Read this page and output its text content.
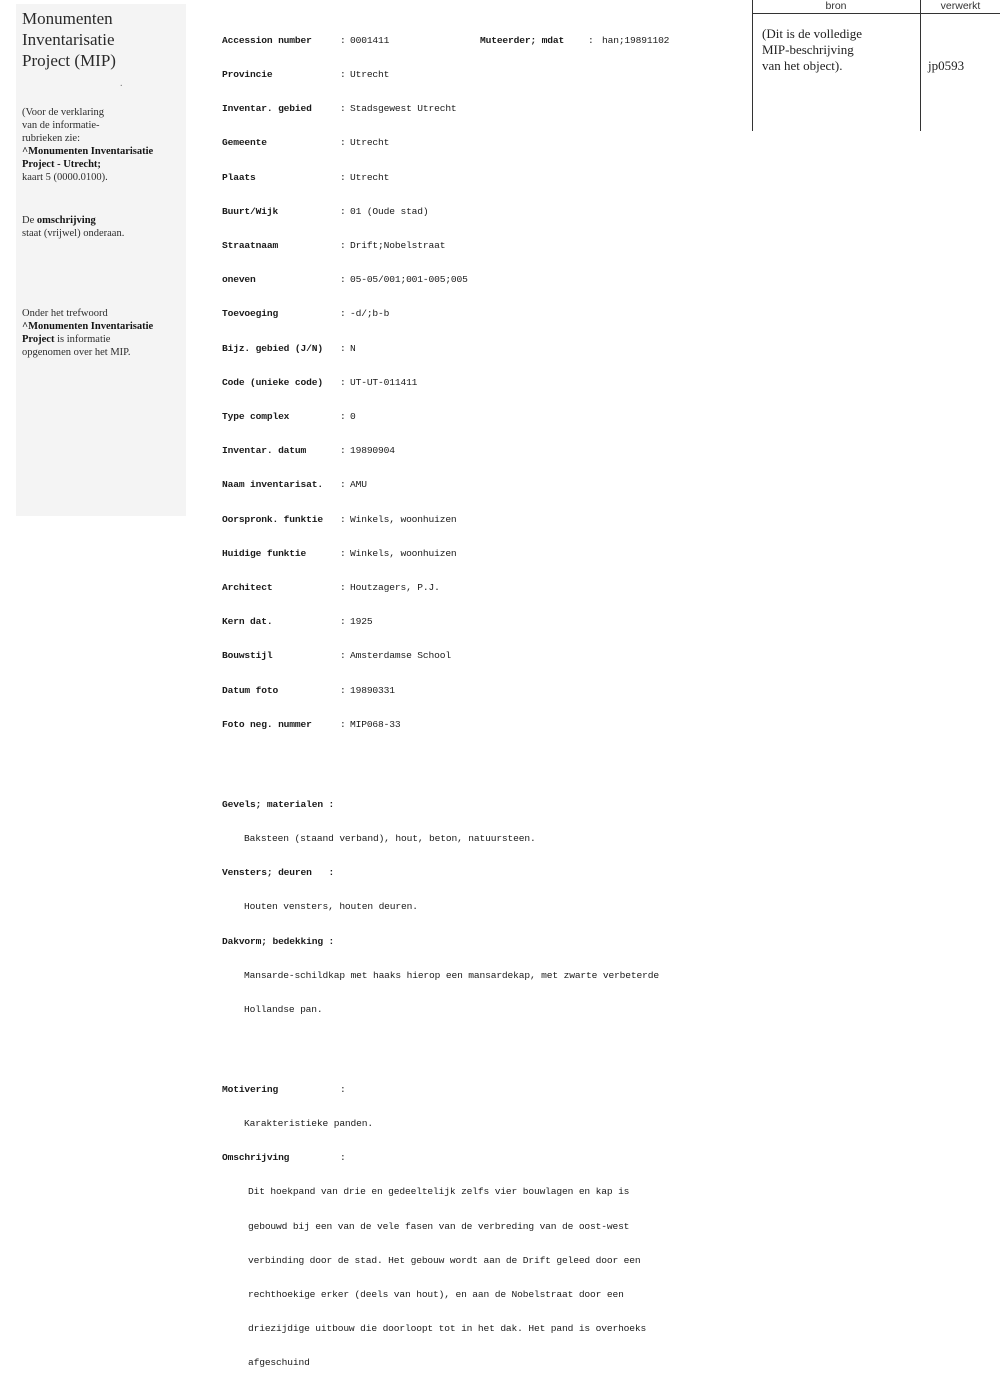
Monumenten
Inventarisatie
Project (MIP)
.
(Voor de verklaring
van de informatie-
rubrieken zie:
^Monumenten Inventarisatie
Project - Utrecht;
kaart 5 (0000.0100).
De omschrijving
staat (vrijwel) onderaan.
Onder het trefwoord
^Monumenten Inventarisatie
Project is informatie
opgenomen over het MIP.

Accession number	: 0001411	Muteerder; mdat	: han;19891102

Provincie	: Utrecht

Inventar. gebied	: Stadsgewest Utrecht

Gemeente	: Utrecht

Plaats	: Utrecht

Buurt/Wijk	: 01 (Oude stad)

Straatnaam	: Drift;Nobelstraat

oneven	: 05-05/001;001-005;005

Toevoeging	: -d/;b-b

Bijz. gebied (J/N)	: N

Code (unieke code)	: UT-UT-011411

Type complex	: 0

Inventar. datum	: 19890904

Naam inventarisat.	: AMU

Oorspronk. funktie	: Winkels, woonhuizen

Huidige funktie	: Winkels, woonhuizen

Architect	: Houtzagers, P.J.

Kern dat.	: 1925

Bouwstijl	: Amsterdamse School

Datum foto	: 19890331

Foto neg. nummer	: MIP068-33

Gevels; materialen :

Baksteen (staand verband), hout, beton, natuursteen.

Vensters; deuren   :

Houten vensters, houten deuren.

Dakvorm; bedekking :

Mansarde-schildkap met haaks hierop een mansardekap, met zwarte verbeterde

Hollandse pan.

Motivering	:

Karakteristieke panden.

Omschrijving	:

Dit hoekpand van drie en gedeeltelijk zelfs vier bouwlagen en kap is

gebouwd bij een van de vele fasen van de verbreding van de oost-west

verbinding door de stad. Het gebouw wordt aan de Drift geleed door een

rechthoekige erker (deels van hout), en aan de Nobelstraat door een

driezijdige uitbouw die doorloopt tot in het dak. Het pand is overhoeks

afgeschuind

bron	verwerkt
(Dit is de volledige
MIP-beschrijving
van het object).	jp0593
